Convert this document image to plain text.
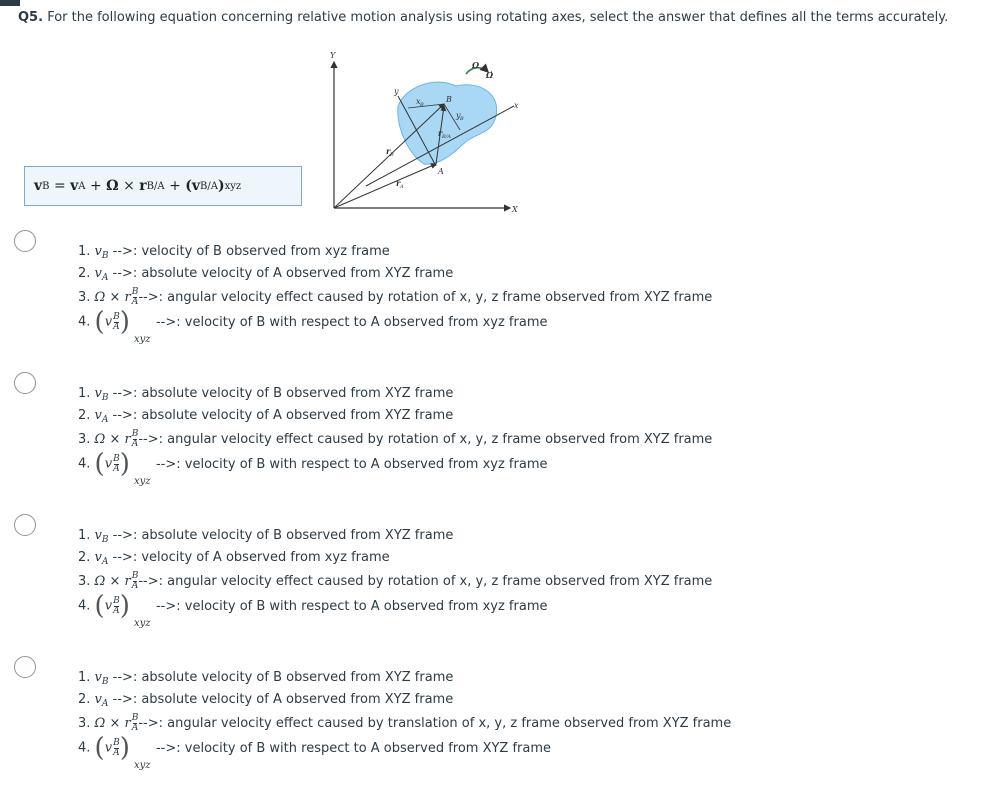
Q5. For the following equation concerning relative motion analysis using rotating axes, select the answer that defines all the terms accurately.
v B
=
v A
+
Ω
×
r B/A
+
(v B/A ) xyz
Y
X
x
y
r B
r A
r B/A
x B
y B
A
B
Ω
Ω̇
1. $v_B$ -->: velocity of B observed from xyz frame
2. $v_A$ -->: absolute velocity of A observed from XYZ frame
3. $\Omega \times r\frac{B}{A}-->$: angular velocity effect caused by rotation of x, y, z frame observed from XYZ frame
4. $(v\frac{B}{A})$
xyz
-->: velocity of B with respect to A observed from xyz frame
1. $v_B$ -->: absolute velocity of B observed from XYZ frame
2. $v_A$ -->: absolute velocity of A observed from XYZ frame
3. $\Omega \times r\frac{B}{A}-->$: angular velocity effect caused by rotation of x, y, z frame observed from XYZ frame
4. $(v\frac{B}{A})$
xyz
-->: velocity of B with respect to A observed from xyz frame
1. $v_B$ -->: absolute velocity of B observed from XYZ frame
2. $v_A$ -->: velocity of A observed from xyz frame
3. $\Omega \times r\frac{B}{A}-->$: angular velocity effect caused by rotation of x, y, z frame observed from XYZ frame
4. $(v\frac{B}{A})$
xyz
-->: velocity of B with respect to A observed from xyz frame
1. $v_B$ -->: absolute velocity of B observed from XYZ frame
2. $v_A$ -->: absolute velocity of A observed from XYZ frame
3. $\Omega \times r\frac{B}{A}-->$: angular velocity effect caused by translation of x, y, z frame observed from XYZ frame
4. $(v\frac{B}{A})$
xyz
-->: velocity of B with respect to A observed from XYZ frame
